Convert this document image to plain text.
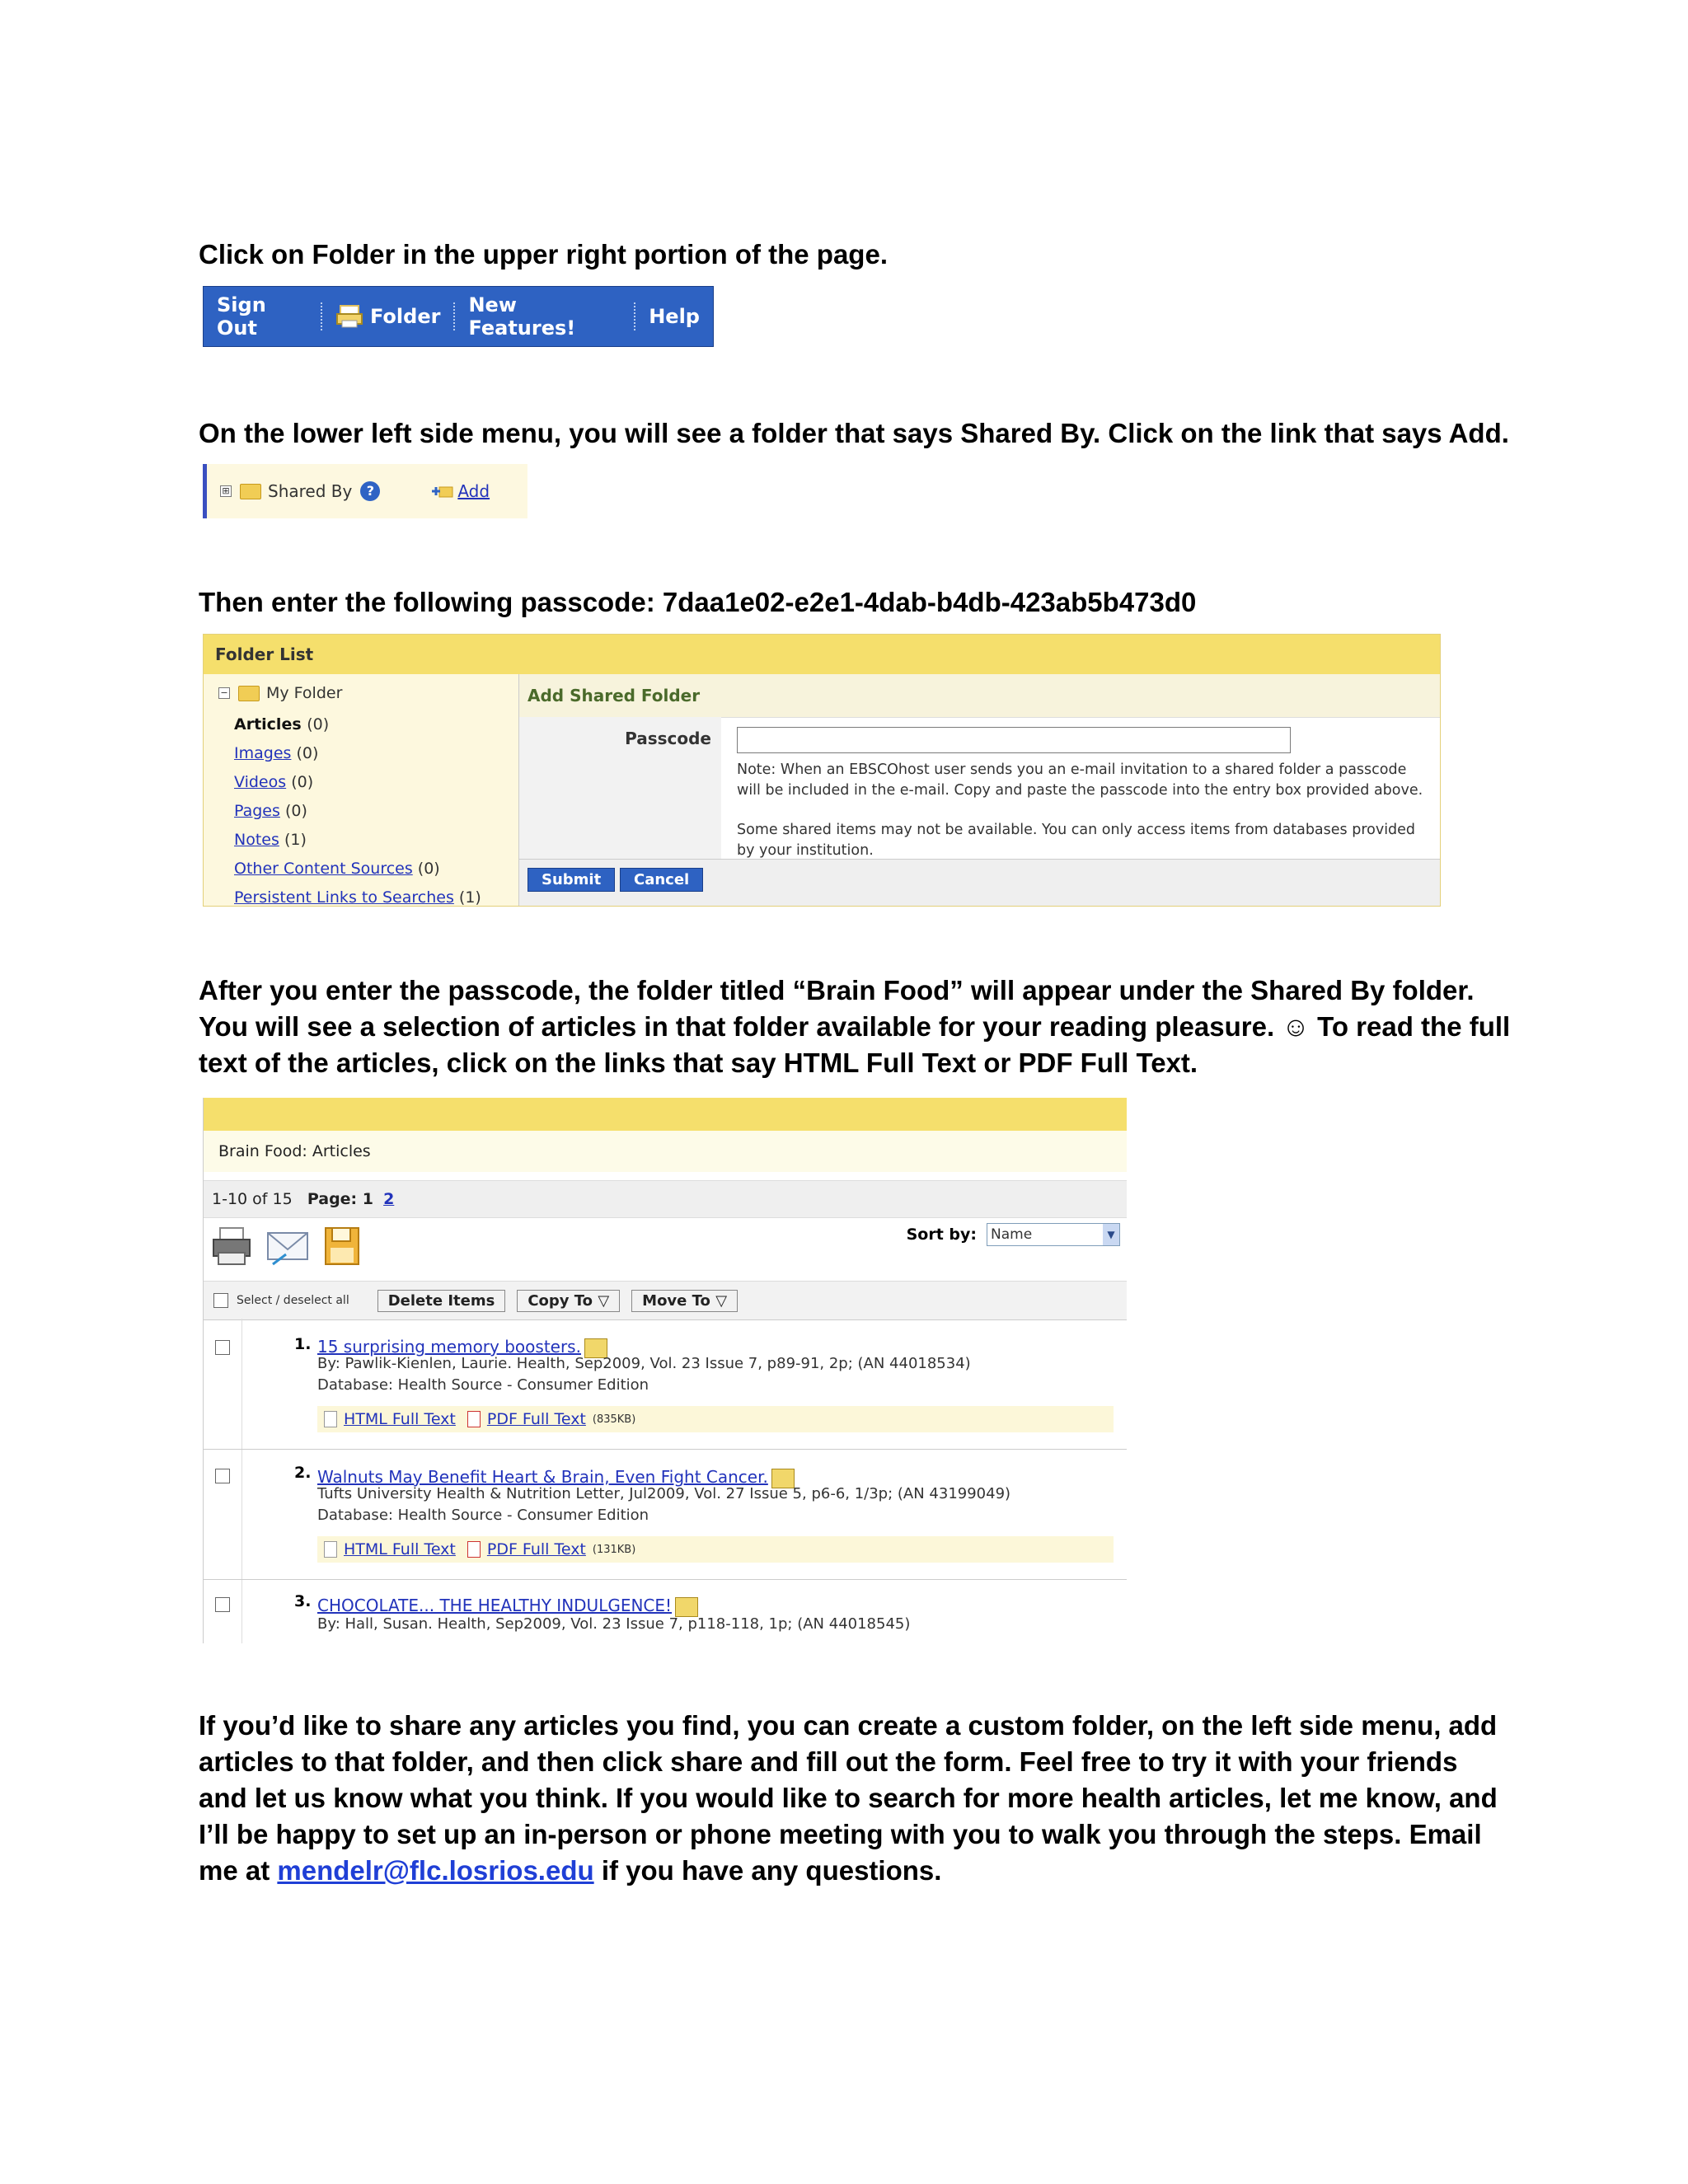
Click on Folder in the upper right portion of the page.

Sign Out	Folder New Features!	Help

On the lower left side menu, you will see a folder that says Shared By. Click on the link that says Add.

⊞ Shared By	?	Add

Then enter the following passcode: 7daa1e02-e2e1-4dab-b4db-423ab5b473d0

Folder List
− My Folder
Articles (0)
Images (0)
Videos (0)
Pages (0)
Notes (1)
Other Content Sources (0)
Persistent Links to Searches (1)
Add Shared Folder
Passcode
Note: When an EBSCOhost user sends you an e-mail invitation to a shared folder a passcode
will be included in the e-mail. Copy and paste the passcode into the entry box provided above.
Some shared items may not be available. You can only access items from databases provided
by your institution.
Submit	Cancel
After you enter the passcode, the folder titled “Brain Food” will appear under the Shared By folder.
You will see a selection of articles in that folder available for your reading pleasure. ☺ To read the full
text of the articles, click on the links that say HTML Full Text or PDF Full Text.
Brain Food: Articles
1-10 of 15 Page: 1 2
Sort by: Name	▼
Select / deselect all	Delete Items	Copy To ▽	Move To ▽
1. 15 surprising memory boosters.
By: Pawlik-Kienlen, Laurie. Health, Sep2009, Vol. 23 Issue 7, p89-91, 2p; (AN 44018534)
Database: Health Source - Consumer Edition
HTML Full Text PDF Full Text (835KB)
2. Walnuts May Benefit Heart & Brain, Even Fight Cancer.
Tufts University Health & Nutrition Letter, Jul2009, Vol. 27 Issue 5, p6-6, 1/3p; (AN 43199049)
Database: Health Source - Consumer Edition
HTML Full Text PDF Full Text (131KB)
3. CHOCOLATE... THE HEALTHY INDULGENCE!
By: Hall, Susan. Health, Sep2009, Vol. 23 Issue 7, p118-118, 1p; (AN 44018545)
If you’d like to share any articles you find, you can create a custom folder, on the left side menu, add
articles to that folder, and then click share and fill out the form. Feel free to try it with your friends
and let us know what you think. If you would like to search for more health articles, let me know, and
I’ll be happy to set up an in-person or phone meeting with you to walk you through the steps. Email
me at mendelr@flc.losrios.edu if you have any questions.
